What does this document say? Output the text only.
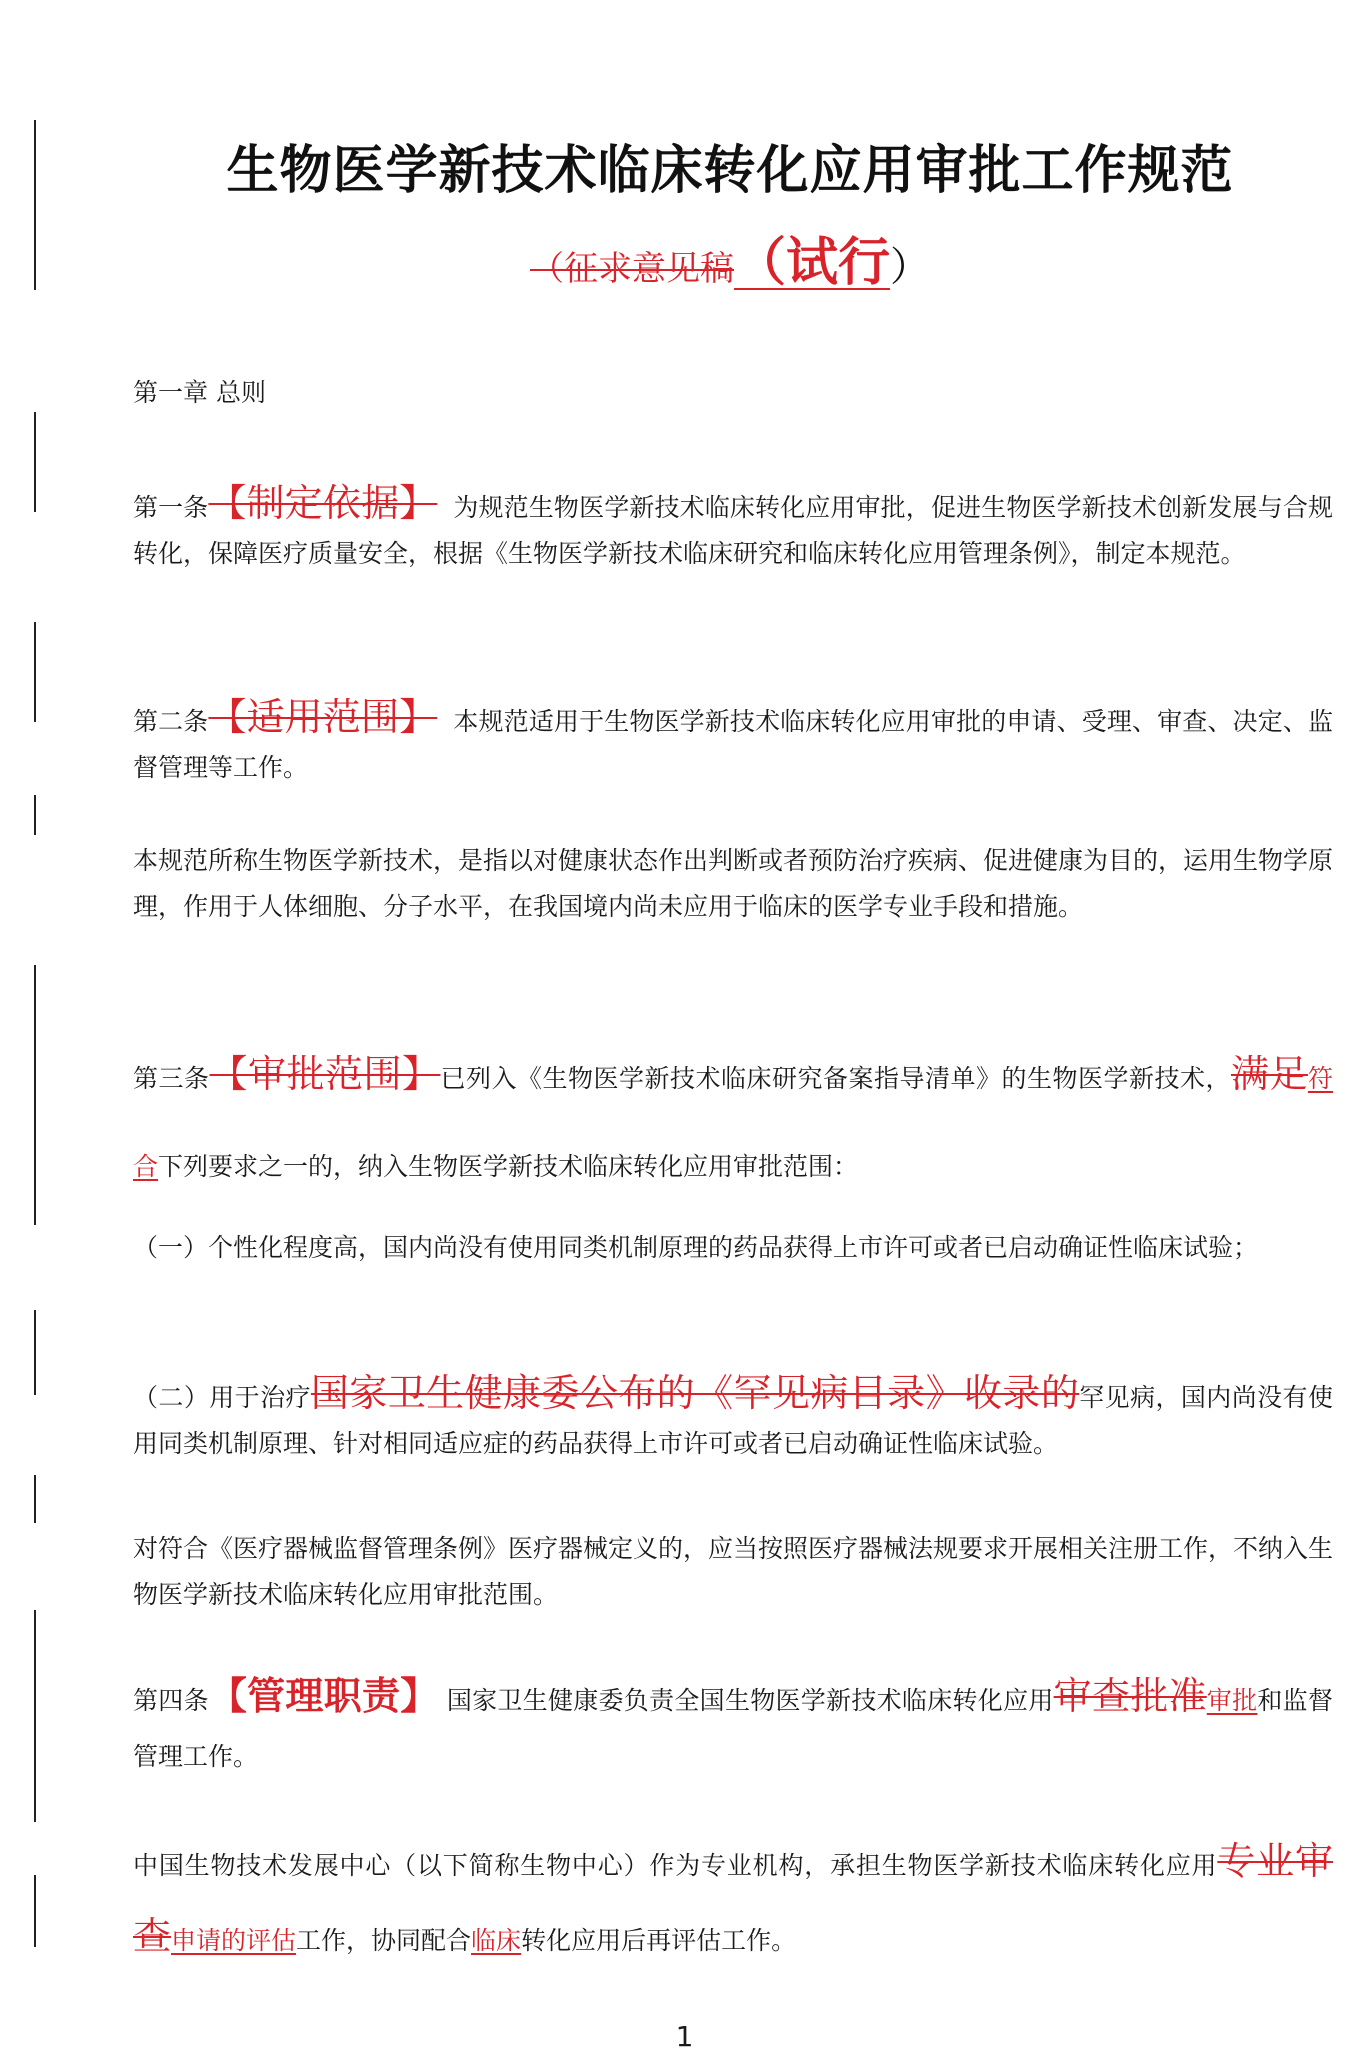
生物医学新技术临床转化应用审批工作规范
（征求意见稿（试行）

第一章 总则

第一条【制定依据】 为规范生物医学新技术临床转化应用审批，促进生物医学新技术创新发展与合规转化，保障医疗质量安全，根据《生物医学新技术临床研究和临床转化应用管理条例》，制定本规范。

第二条【适用范围】 本规范适用于生物医学新技术临床转化应用审批的申请、受理、审查、决定、监督管理等工作。

本规范所称生物医学新技术，是指以对健康状态作出判断或者预防治疗疾病、促进健康为目的，运用生物学原理，作用于人体细胞、分子水平，在我国境内尚未应用于临床的医学专业手段和措施。

第三条【审批范围】已列入《生物医学新技术临床研究备案指导清单》的生物医学新技术，满足符合下列要求之一的，纳入生物医学新技术临床转化应用审批范围：

（一）个性化程度高，国内尚没有使用同类机制原理的药品获得上市许可或者已启动确证性临床试验；

（二）用于治疗国家卫生健康委公布的《罕见病目录》收录的罕见病，国内尚没有使用同类机制原理、针对相同适应症的药品获得上市许可或者已启动确证性临床试验。

对符合《医疗器械监督管理条例》医疗器械定义的，应当按照医疗器械法规要求开展相关注册工作，不纳入生物医学新技术临床转化应用审批范围。

第四条【管理职责】 国家卫生健康委负责全国生物医学新技术临床转化应用审查批准审批和监督管理工作。

中国生物技术发展中心（以下简称生物中心）作为专业机构，承担生物医学新技术临床转化应用专业审查申请的评估工作，协同配合临床转化应用后再评估工作。

1
